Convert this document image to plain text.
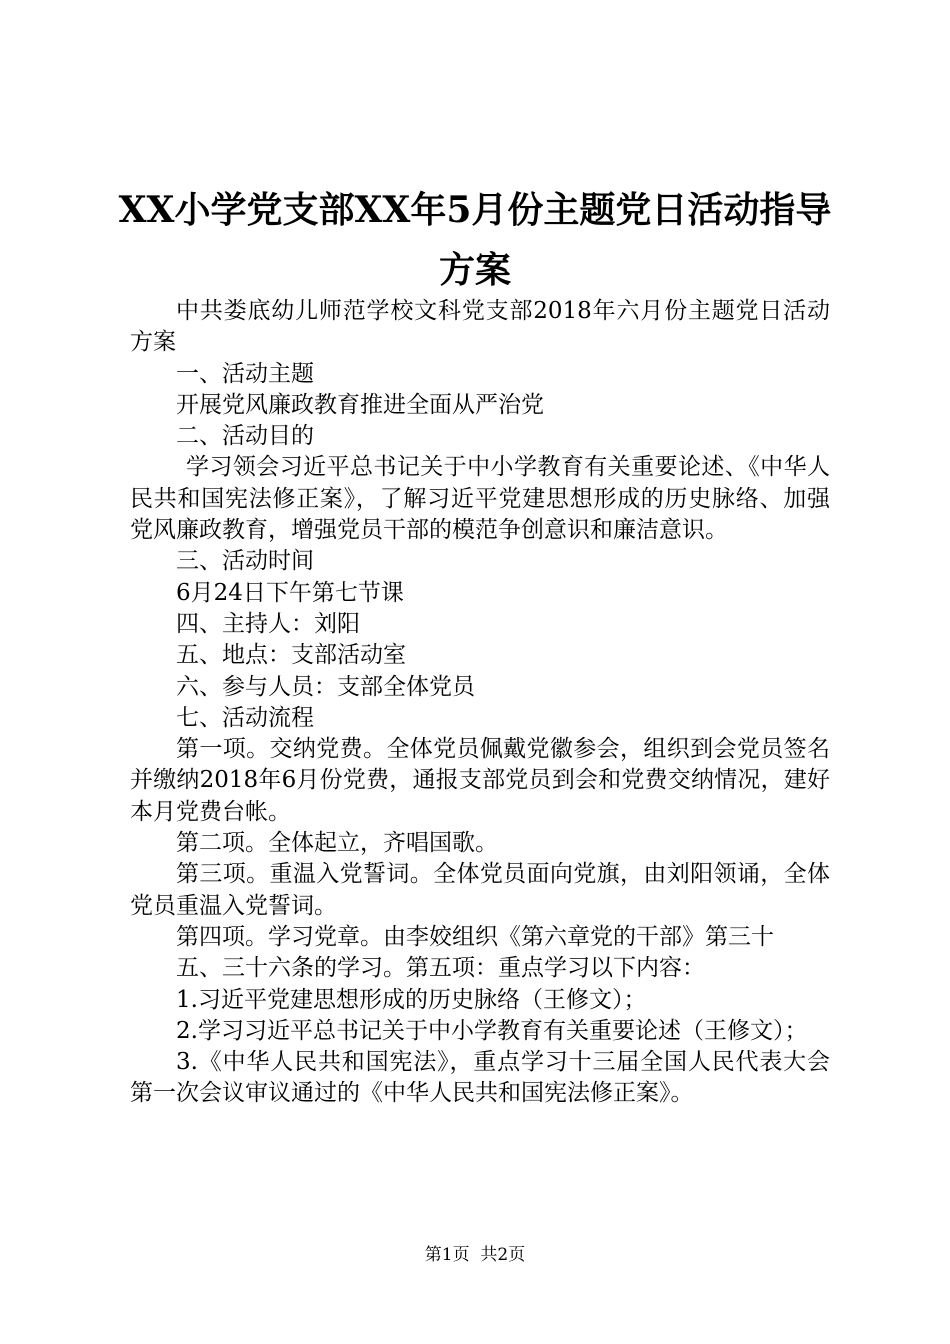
XX小学党支部XX年5月份主题党日活动指导
方案

中共娄底幼儿师范学校文科党支部2018年六月份主题党日活动方案

一、活动主题

开展党风廉政教育推进全面从严治党

二、活动目的

学习领会习近平总书记关于中小学教育有关重要论述、《中华人民共和国宪法修正案》，了解习近平党建思想形成的历史脉络、加强党风廉政教育，增强党员干部的模范争创意识和廉洁意识。

三、活动时间

6月24日下午第七节课

四、主持人：刘阳

五、地点：支部活动室

六、参与人员：支部全体党员

七、活动流程

第一项。交纳党费。全体党员佩戴党徽参会，组织到会党员签名并缴纳2018年6月份党费，通报支部党员到会和党费交纳情况，建好本月党费台帐。

第二项。全体起立，齐唱国歌。

第三项。重温入党誓词。全体党员面向党旗，由刘阳领诵，全体党员重温入党誓词。

第四项。学习党章。由李姣组织《第六章党的干部》第三十

五、三十六条的学习。第五项：重点学习以下内容：

1.习近平党建思想形成的历史脉络（王修文）；

2.学习习近平总书记关于中小学教育有关重要论述（王修文）；

3.《中华人民共和国宪法》，重点学习十三届全国人民代表大会第一次会议审议通过的《中华人民共和国宪法修正案》。

第1页  共2页
